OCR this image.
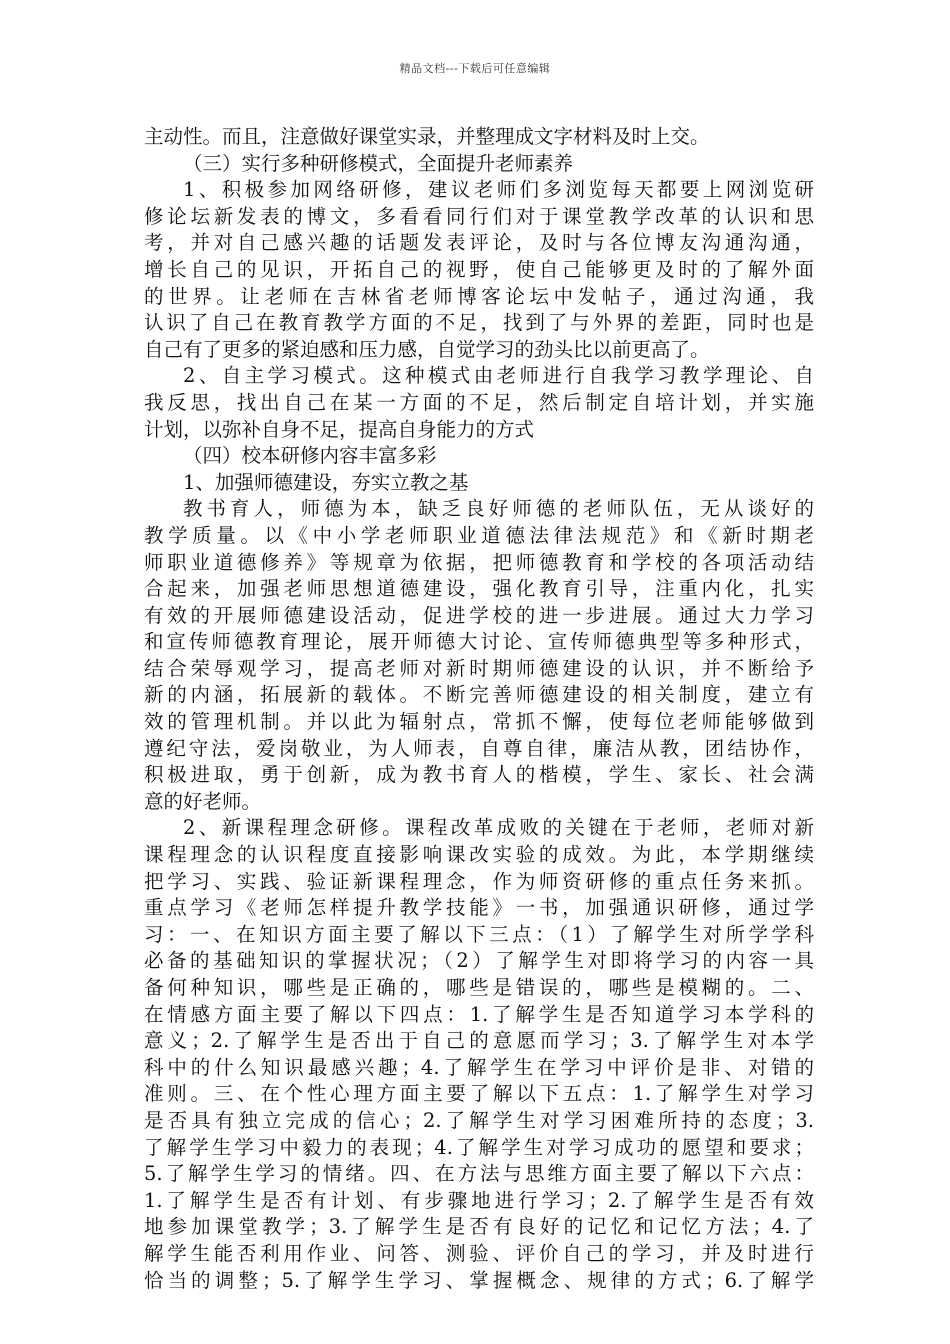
精品文档---下载后可任意编辑
主动性。而且，注意做好课堂实录，并整理成文字材料及时上交。
（三）实行多种研修模式，全面提升老师素养
1、积极参加网络研修，建议老师们多浏览每天都要上网浏览研
修论坛新发表的博文，多看看同行们对于课堂教学改革的认识和思
考，并对自己感兴趣的话题发表评论，及时与各位博友沟通沟通，
增长自己的见识，开拓自己的视野，使自己能够更及时的了解外面
的世界。让老师在吉林省老师博客论坛中发帖子，通过沟通，我
认识了自己在教育教学方面的不足，找到了与外界的差距，同时也是
自己有了更多的紧迫感和压力感，自觉学习的劲头比以前更高了。
2、自主学习模式。这种模式由老师进行自我学习教学理论、自
我反思，找出自己在某一方面的不足，然后制定自培计划，并实施
计划，以弥补自身不足，提高自身能力的方式
（四）校本研修内容丰富多彩
1、加强师德建设，夯实立教之基
教书育人，师德为本，缺乏良好师德的老师队伍，无从谈好的
教学质量。以《中小学老师职业道德法律法规范》和《新时期老
师职业道德修养》等规章为依据，把师德教育和学校的各项活动结
合起来，加强老师思想道德建设，强化教育引导，注重内化，扎实
有效的开展师德建设活动，促进学校的进一步进展。通过大力学习
和宣传师德教育理论，展开师德大讨论、宣传师德典型等多种形式，
结合荣辱观学习，提高老师对新时期师德建设的认识，并不断给予
新的内涵，拓展新的载体。不断完善师德建设的相关制度，建立有
效的管理机制。并以此为辐射点，常抓不懈，使每位老师能够做到
遵纪守法，爱岗敬业，为人师表，自尊自律，廉洁从教，团结协作，
积极进取，勇于创新，成为教书育人的楷模，学生、家长、社会满
意的好老师。
2、新课程理念研修。课程改革成败的关键在于老师，老师对新
课程理念的认识程度直接影响课改实验的成效。为此，本学期继续
把学习、实践、验证新课程理念，作为师资研修的重点任务来抓。
重点学习《老师怎样提升教学技能》一书，加强通识研修，通过学
习：一、在知识方面主要了解以下三点：（1）了解学生对所学学科
必备的基础知识的掌握状况；（2）了解学生对即将学习的内容一具
备何种知识，哪些是正确的，哪些是错误的，哪些是模糊的。二、
在情感方面主要了解以下四点：1.了解学生是否知道学习本学科的
意义；2.了解学生是否出于自己的意愿而学习；3.了解学生对本学
科中的什么知识最感兴趣；4.了解学生在学习中评价是非、对错的
准则。三、在个性心理方面主要了解以下五点：1.了解学生对学习
是否具有独立完成的信心；2.了解学生对学习困难所持的态度；3.
了解学生学习中毅力的表现；4.了解学生对学习成功的愿望和要求；
5.了解学生学习的情绪。四、在方法与思维方面主要了解以下六点：
1.了解学生是否有计划、有步骤地进行学习；2.了解学生是否有效
地参加课堂教学；3.了解学生是否有良好的记忆和记忆方法；4.了
解学生能否利用作业、问答、测验、评价自己的学习，并及时进行
恰当的调整；5.了解学生学习、掌握概念、规律的方式；6.了解学
